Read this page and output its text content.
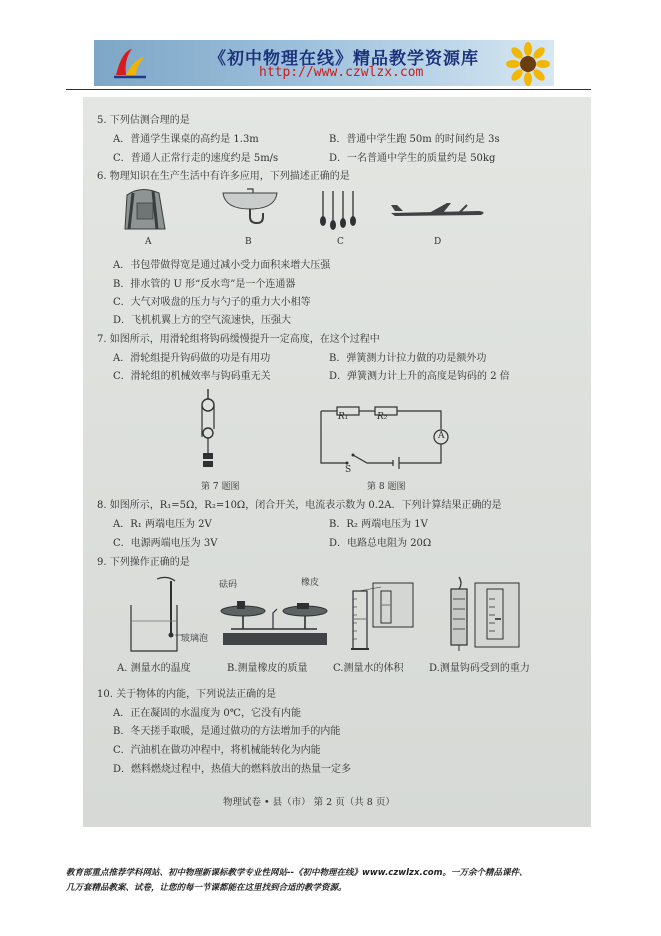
《初中物理在线》精品教学资源库
http://www.czwlzx.com
5. 下列估测合理的是
A．普通学生课桌的高约是 1.3m	B．普通中学生跑 50m 的时间约是 3s
C．普通人正常行走的速度约是 5m/s	D．一名普通中学生的质量约是 50kg
6. 物理知识在生产生活中有许多应用，下列描述正确的是
A	B	C	D
A．书包带做得宽是通过减小受力面积来增大压强
B．排水管的 U 形“反水弯”是一个连通器
C．大气对吸盘的压力与勺子的重力大小相等
D．飞机机翼上方的空气流速快，压强大
7. 如图所示，用滑轮组将钩码缓慢提升一定高度，在这个过程中
A．滑轮组提升钩码做的功是有用功	B．弹簧测力计拉力做的功是额外功
C．滑轮组的机械效率与钩码重无关	D．弹簧测力计上升的高度是钩码的 2 倍
第 7 题图
R₁	R₂
A
S
第 8 题图
8. 如图所示，R₁=5Ω，R₂=10Ω，闭合开关，电流表示数为 0.2A．下列计算结果正确的是
A．R₁ 两端电压为 2V	B．R₂ 两端电压为 1V
C．电源两端电压为 3V	D．电路总电阻为 20Ω
9. 下列操作正确的是
玻璃泡
砝码	橡皮
A. 测量水的温度	B.测量橡皮的质量	C.测量水的体积	D.测量钩码受到的重力
10. 关于物体的内能，下列说法正确的是
A．正在凝固的水温度为 0℃，它没有内能
B．冬天搓手取暖，是通过做功的方法增加手的内能
C．汽油机在做功冲程中，将机械能转化为内能
D．燃料燃烧过程中，热值大的燃料放出的热量一定多
物理试卷 • 县（市） 第 2 页（共 8 页）
教育部重点推荐学科网站、初中物理新课标教学专业性网站--《初中物理在线》www.czwlzx.com。一万余个精品课件、
几万套精品教案、试卷，让您的每一节课都能在这里找到合适的教学资源。
